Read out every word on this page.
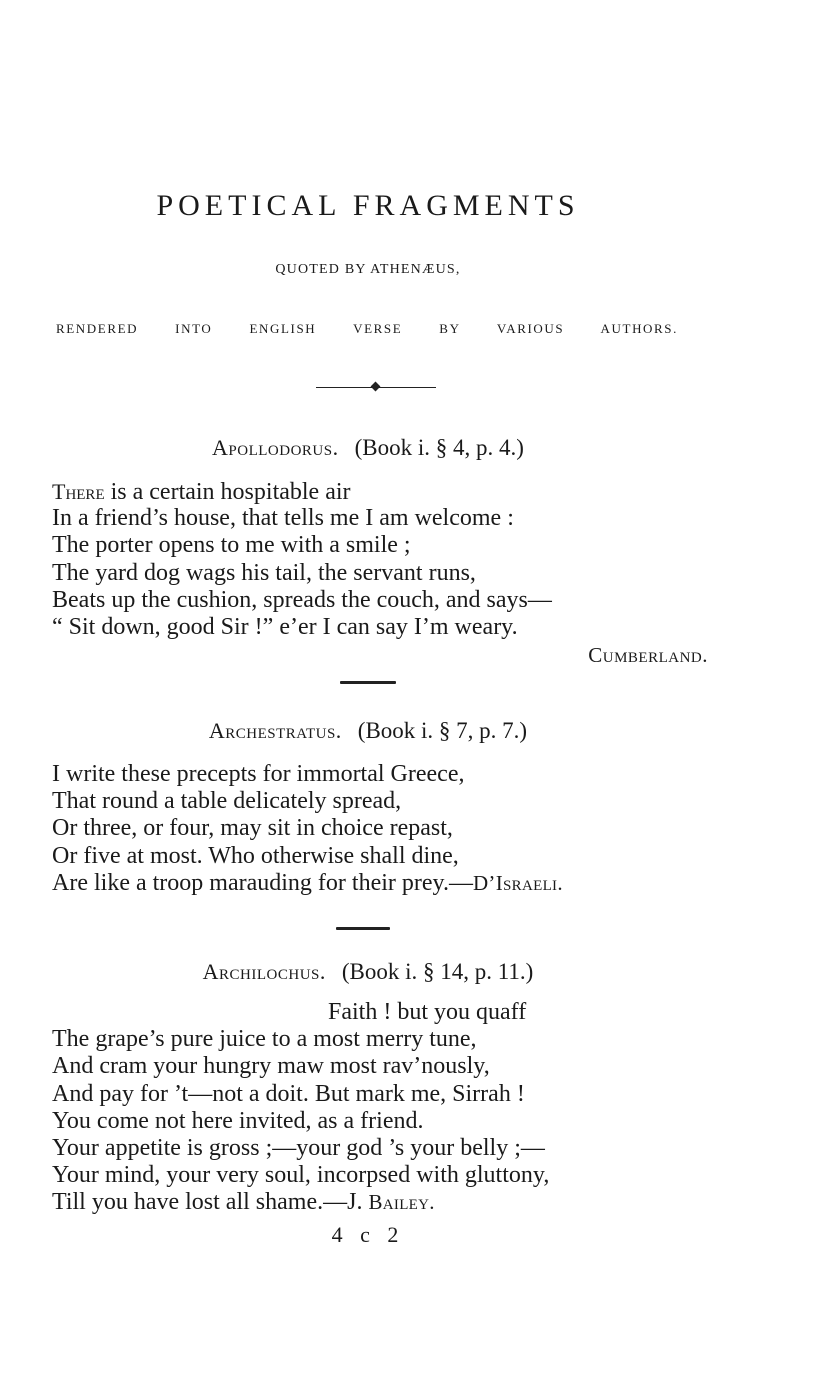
POETICAL FRAGMENTS
QUOTED BY ATHENÆUS,
RENDERED INTO ENGLISH VERSE BY VARIOUS AUTHORS.
Apollodorus. (Book i. § 4, p. 4.)
There is a certain hospitable air
In a friend’s house, that tells me I am welcome :
The porter opens to me with a smile ;
The yard dog wags his tail, the servant runs,
Beats up the cushion, spreads the couch, and says—
“ Sit down, good Sir !” e’er I can say I’m weary.
Cumberland.
Archestratus. (Book i. § 7, p. 7.)
I write these precepts for immortal Greece,
That round a table delicately spread,
Or three, or four, may sit in choice repast,
Or five at most. Who otherwise shall dine,
Are like a troop marauding for their prey.—D’Israeli.
Archilochus. (Book i. § 14, p. 11.)
Faith ! but you quaff
The grape’s pure juice to a most merry tune,
And cram your hungry maw most rav’nously,
And pay for ’t—not a doit. But mark me, Sirrah !
You come not here invited, as a friend.
Your appetite is gross ;—your god ’s your belly ;—
Your mind, your very soul, incorpsed with gluttony,
Till you have lost all shame.—J. Bailey.
4 c 2
